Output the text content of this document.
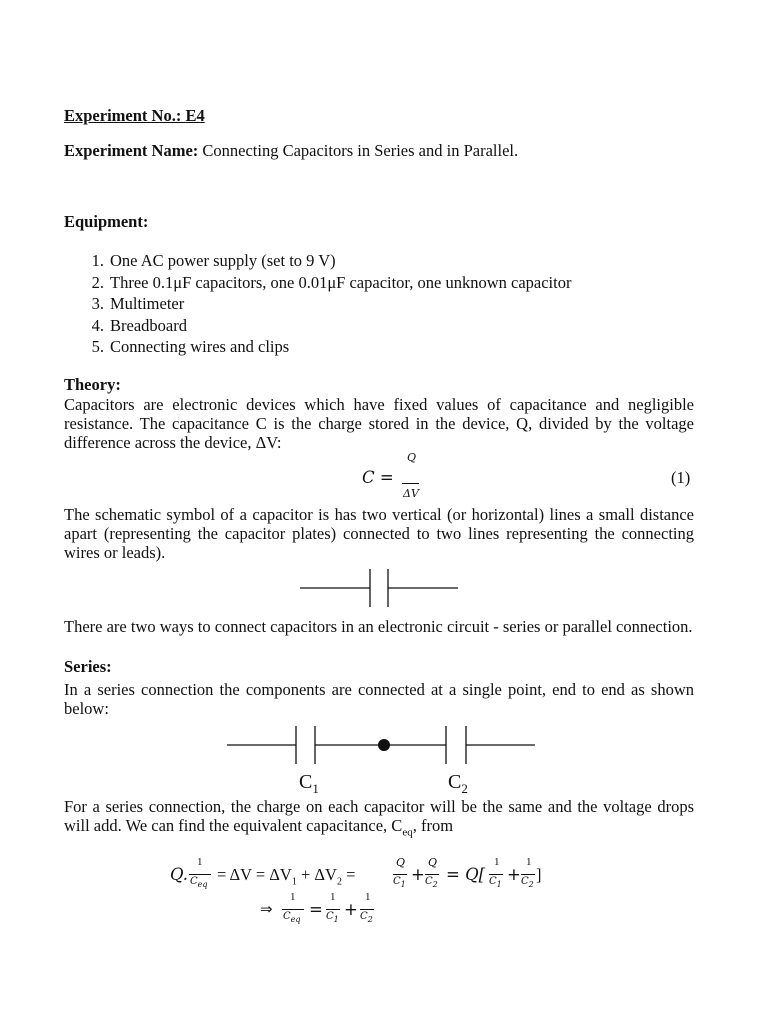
Experiment No.: E4
Experiment Name: Connecting Capacitors in Series and in Parallel.
Equipment:
1. One AC power supply (set to 9 V)
2. Three 0.1μF capacitors, one 0.01μF capacitor, one unknown capacitor
3. Multimeter
4. Breadboard
5. Connecting wires and clips
Theory:
Capacitors are electronic devices which have fixed values of capacitance and negligible resistance. The capacitance C is the charge stored in the device, Q, divided by the voltage difference across the device, ΔV:
C =
Q
ΔV
(1)
The schematic symbol of a capacitor is has two vertical (or horizontal) lines a small distance apart (representing the capacitor plates) connected to two lines representing the connecting wires or leads).
There are two ways to connect capacitors in an electronic circuit - series or parallel connection.
Series:
In a series connection the components are connected at a single point, end to end as shown below:
$C_1$	$C_2$
For a series connection, the charge on each capacitor will be the same and the voltage drops will add. We can find the equivalent capacitance, $C_{eq}$, from
Q.
1
$C_{eq}$
= $\Delta V = \Delta V_1 + \Delta V_2$ =
Q
$C_1$
+
Q
$C_2$
= Q[
1
$C_1$
+
1
$C_2$
]
⇒
1
$C_{eq}$
=
1
$C_1$
+
1
$C_2$
